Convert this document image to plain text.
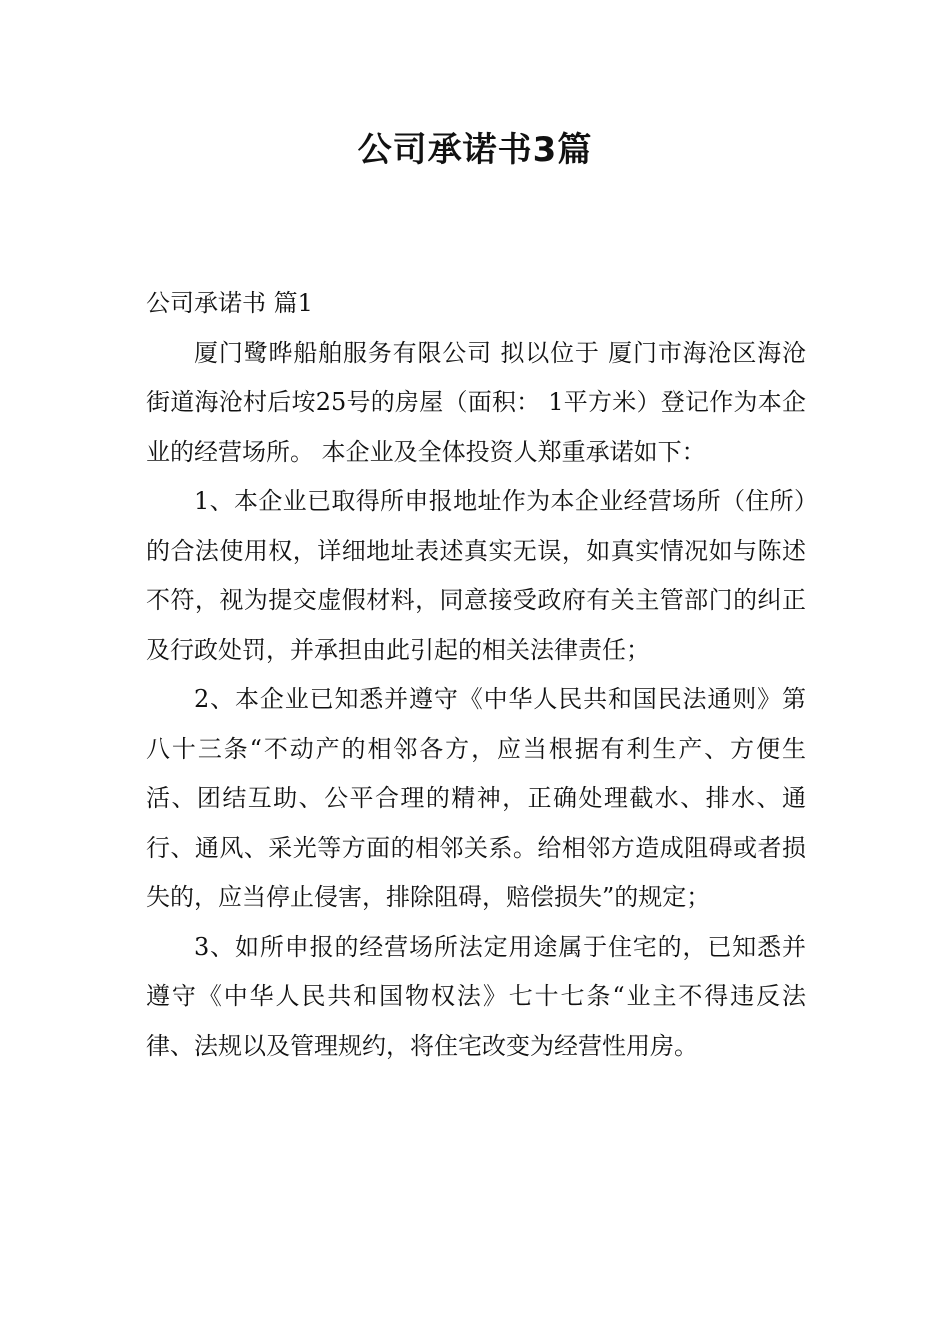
公司承诺书3篇
公司承诺书 篇1

厦门鹭晔船舶服务有限公司 拟以位于 厦门市海沧区海沧街道海沧村后垵25号的房屋（面积： 1平方米）登记作为本企业的经营场所。 本企业及全体投资人郑重承诺如下：

1、本企业已取得所申报地址作为本企业经营场所（住所）的合法使用权，详细地址表述真实无误，如真实情况如与陈述不符，视为提交虚假材料，同意接受政府有关主管部门的纠正及行政处罚，并承担由此引起的相关法律责任；

2、本企业已知悉并遵守《中华人民共和国民法通则》第八十三条“不动产的相邻各方，应当根据有利生产、方便生活、团结互助、公平合理的精神，正确处理截水、排水、通行、通风、采光等方面的相邻关系。给相邻方造成阻碍或者损失的，应当停止侵害，排除阻碍，赔偿损失”的规定；

3、如所申报的经营场所法定用途属于住宅的，已知悉并遵守《中华人民共和国物权法》七十七条“业主不得违反法律、法规以及管理规约，将住宅改变为经营性用房。
